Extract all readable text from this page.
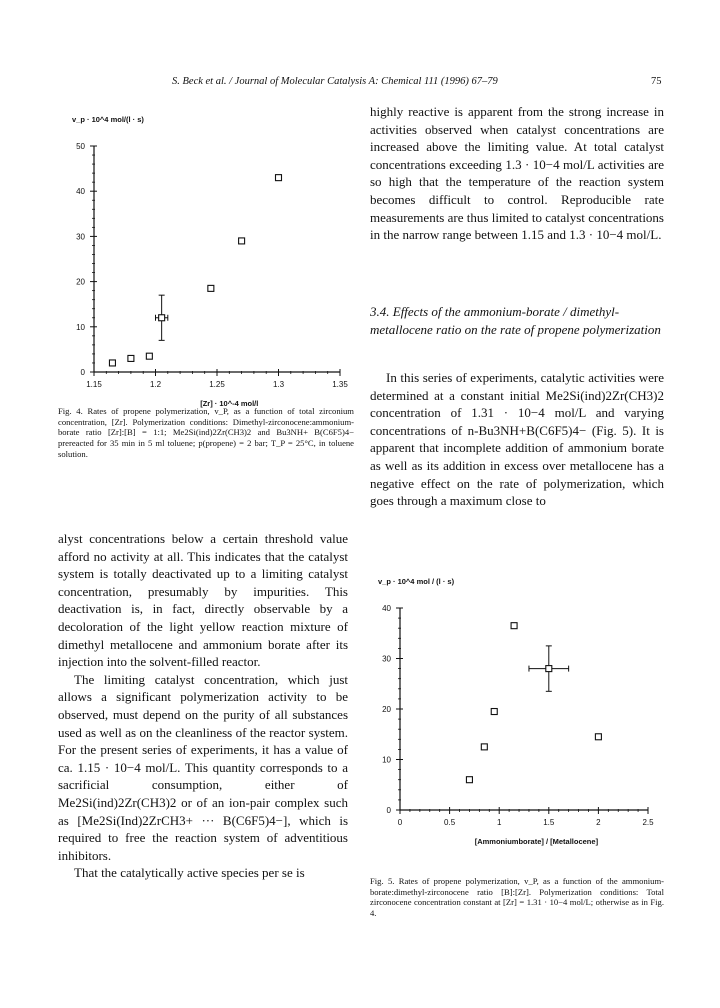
S. Beck et al. / Journal of Molecular Catalysis A: Chemical 111 (1996) 67–79	75
0
10
20
30
40
50
1.15	1.2	1.25	1.3	1.35
v_p · 10^4 mol/(l · s)
[Zr] · 10^-4 mol/l
Fig. 4. Rates of propene polymerization, v_P, as a function of total zirconium concentration, [Zr]. Polymerization conditions: Dimethyl-zirconocene:ammonium-borate ratio [Zr]:[B] = 1:1; Me2Si(ind)2Zr(CH3)2 and Bu3NH+ B(C6F5)4− prereacted for 35 min in 5 ml toluene; p(propene) = 2 bar; T_P = 25°C, in toluene solution.

alyst concentrations below a certain threshold value afford no activity at all. This indicates that the catalyst system is totally deactivated up to a limiting catalyst concentration, presumably by impurities. This deactivation is, in fact, directly observable by a decoloration of the light yellow reaction mixture of dimethyl metallocene and ammonium borate after its injection into the solvent-filled reactor.

The limiting catalyst concentration, which just allows a significant polymerization activity to be observed, must depend on the purity of all substances used as well as on the cleanliness of the reactor system. For the present series of experiments, it has a value of ca. 1.15 · 10−4 mol/L. This quantity corresponds to a sacrificial consumption, either of Me2Si(ind)2Zr(CH3)2 or of an ion-pair complex such as [Me2Si(Ind)2ZrCH3+ ··· B(C6F5)4−], which is required to free the reaction system of adventitious inhibitors.

That the catalytically active species per se is

highly reactive is apparent from the strong increase in activities observed when catalyst concentrations are increased above the limiting value. At total catalyst concentrations exceeding 1.3 · 10−4 mol/L activities are so high that the temperature of the reaction system becomes difficult to control. Reproducible rate measurements are thus limited to catalyst concentrations in the narrow range between 1.15 and 1.3 · 10−4 mol/L.

3.4. Effects of the ammonium-borate / dimethyl-metallocene ratio on the rate of propene polymerization

In this series of experiments, catalytic activities were determined at a constant initial Me2Si(ind)2Zr(CH3)2 concentration of 1.31 · 10−4 mol/L and varying concentrations of n-Bu3NH+B(C6F5)4− (Fig. 5). It is apparent that incomplete addition of ammonium borate as well as its addition in excess over metallocene has a negative effect on the rate of polymerization, which goes through a maximum close to

0
10
20
30
40
0	0.5	1	1.5	2	2.5
v_p · 10^4 mol / (l · s)
[Ammoniumborate] / [Metallocene]
Fig. 5. Rates of propene polymerization, v_P, as a function of the ammonium-borate:dimethyl-zirconocene ratio [B]:[Zr]. Polymerization conditions: Total zirconocene concentration constant at [Zr] = 1.31 · 10−4 mol/L; otherwise as in Fig. 4.
